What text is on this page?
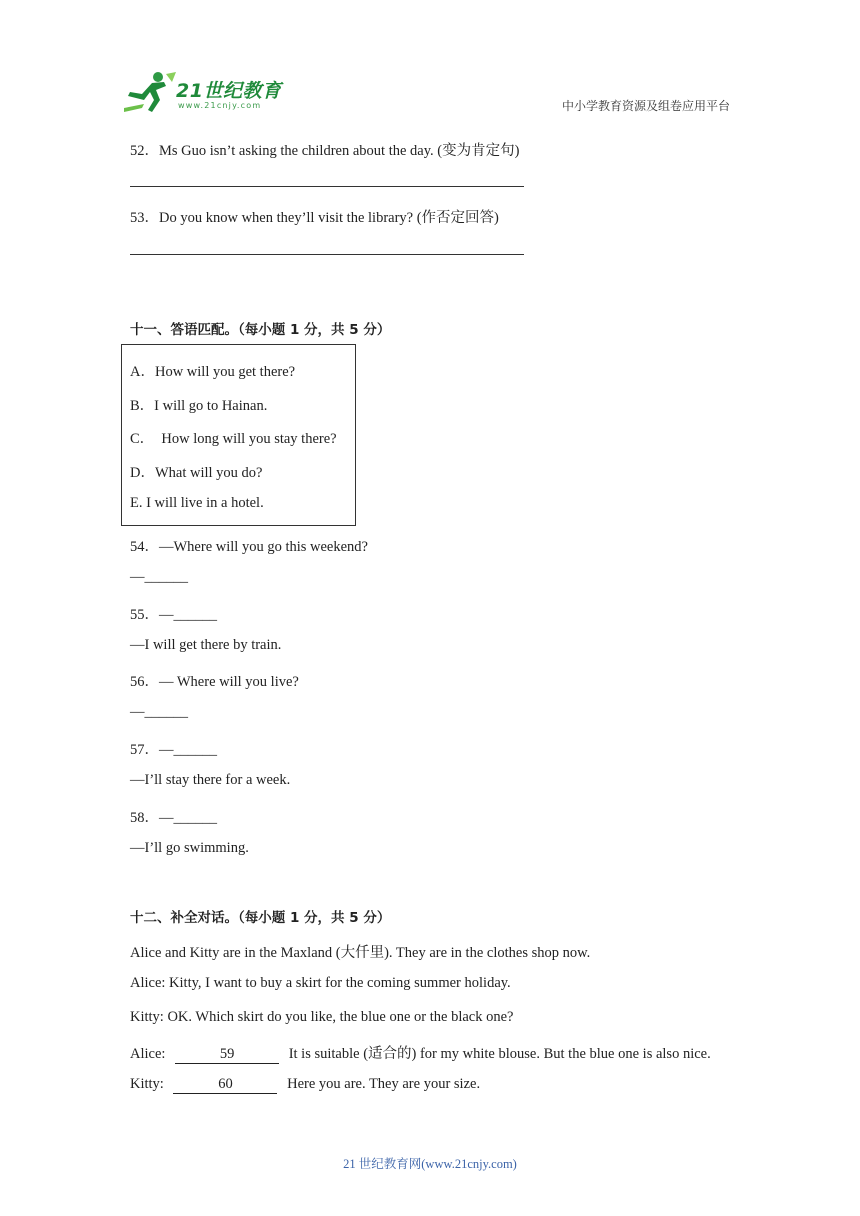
21世纪教育
www.21cnjy.com	中小学教育资源及组卷应用平台
52．Ms Guo isn’t asking the children about the day. (变为肯定句)
53．Do you know when they’ll visit the library? (作否定回答)
十一、答语匹配。（每小题 1 分，共 5 分）
A．How will you get there?
B．I will go to Hainan.
C．  How long will you stay there?
D．What will you do?
E. I will live in a hotel.
54．—Where will you go this weekend?
—______
55．—______
—I will get there by train.
56．— Where will you live?
—______
57．—______
—I’ll stay there for a week.
58．—______
—I’ll go swimming.
十二、补全对话。（每小题 1 分，共 5 分）
Alice and Kitty are in the Maxland (大仟里). They are in the clothes shop now.
Alice: Kitty, I want to buy a skirt for the coming summer holiday.
Kitty: OK. Which skirt do you like, the blue one or the black one?
Alice:	59	It is suitable (适合的) for my white blouse. But the blue one is also nice.
Kitty:	60	Here you are. They are your size.
21 世纪教育网(www.21cnjy.com)
